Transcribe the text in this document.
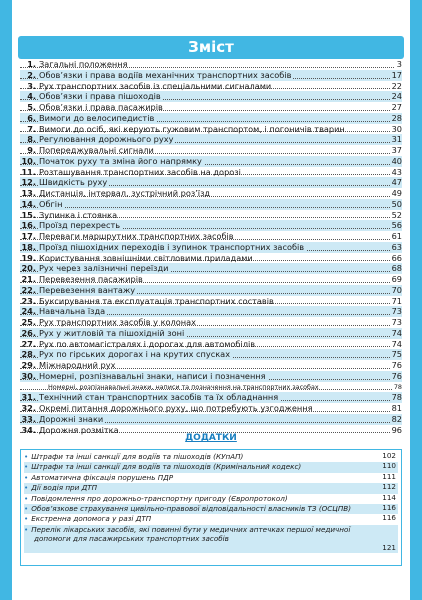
Зміст
1. Загальні положення	3
2. Обов’язки і права водіїв механічних транспортних засобів	17
3. Рух транспортних засобів із спеціальними сигналами	22
4. Обов’язки і права пішоходів	24
5. Обов’язки і права пасажирів	27
6. Вимоги до велосипедистів	28
7. Вимоги до осіб, які керують гужовим транспортом, і погоничів тварин	30
8. Регулювання дорожнього руху	31
9. Попереджувальні сигнали	37
10. Початок руху та зміна його напрямку	40
11. Розташування транспортних засобів на дорозі	43
12. Швидкість руху	47
13. Дистанція, інтервал, зустрічний роз’їзд	49
14. Обгін	50
15. Зупинка і стоянка	52
16. Проїзд перехресть	56
17. Переваги маршрутних транспортних засобів	61
18. Проїзд пішохідних переходів і зупинок транспортних засобів	63
19. Користування зовнішніми світловими приладами	66
20. Рух через залізничні переїзди	68
21. Перевезення пасажирів	69
22. Перевезення вантажу	70
23. Буксирування та експлуатація транспортних составів	71
24. Навчальна їзда	73
25. Рух транспортних засобів у колонах	73
26. Рух у житловій та пішохідній зоні	74
27. Рух по автомагістралях і дорогах для автомобілів	74
28. Рух по гірських дорогах і на крутих спусках	75
29. Міжнародний рух	76
30. Номерні, розпізнавальні знаки, написи і позначення	76
Номерні, розпізнавальні знаки, написи та позначення на транспортних засобах	78
31. Технічний стан транспортних засобів та їх обладнання	78
32. Окремі питання дорожнього руху, що потребують узгодження	81
33. Дорожні знаки	82
34. Дорожня розмітка	96
ДОДАТКИ
• Штрафи та інші санкції для водіїв та пішоходів (КУпАП)	102
• Штрафи та інші санкції для водіїв та пішоходів (Кримінальний кодекс)	110
• Автоматична фіксація порушень ПДР	111
• Дії водія при ДТП	112
• Повідомлення про дорожньо-транспортну пригоду (Європротокол)	114
• Обов’язкове страхування цивільно-правової відповідальності власників ТЗ (ОСЦПВ)	116
• Екстренна допомога у разі ДТП	116
• Перелік лікарських засобів, які повинні бути у медичних аптечках першої медичної допомоги для пасажирських транспортних засобів
121
